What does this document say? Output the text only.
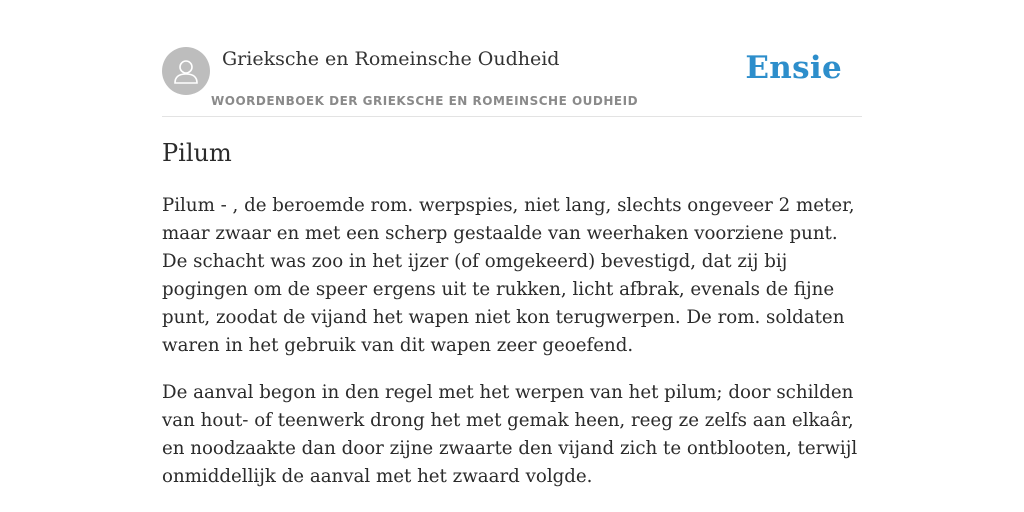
Grieksche en Romeinsche Oudheid
WOORDENBOEK DER GRIEKSCHE EN ROMEINSCHE OUDHEID
Ensie
Pilum

Pilum - , de beroemde rom. werpspies, niet lang, slechts ongeveer 2 meter, maar zwaar en met een scherp gestaalde van weerhaken voorziene punt. De schacht was zoo in het ijzer (of omgekeerd) bevestigd, dat zij bij pogingen om de speer ergens uit te rukken, licht afbrak, evenals de fijne punt, zoodat de vijand het wapen niet kon terugwerpen. De rom. soldaten waren in het gebruik van dit wapen zeer geoefend.

De aanval begon in den regel met het werpen van het pilum; door schilden van hout- of teenwerk drong het met gemak heen, reeg ze zelfs aan elkaâr, en noodzaakte dan door zijne zwaarte den vijand zich te ontblooten, terwijl onmiddellijk de aanval met het zwaard volgde.
